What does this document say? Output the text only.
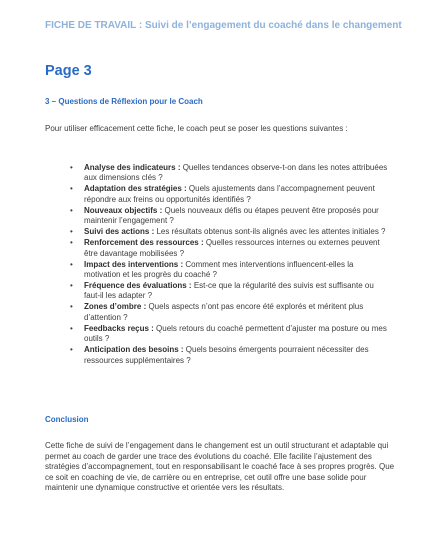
FICHE DE TRAVAIL : Suivi de l’engagement du coaché dans le changement
Page 3
3 – Questions de Réflexion pour le Coach
Pour utiliser efficacement cette fiche, le coach peut se poser les questions suivantes :
• Analyse des indicateurs : Quelles tendances observe-t-on dans les notes attribuées aux dimensions clés ?
• Adaptation des stratégies : Quels ajustements dans l’accompagnement peuvent répondre aux freins ou opportunités identifiés ?
• Nouveaux objectifs : Quels nouveaux défis ou étapes peuvent être proposés pour maintenir l’engagement ?
• Suivi des actions : Les résultats obtenus sont-ils alignés avec les attentes initiales ?
• Renforcement des ressources : Quelles ressources internes ou externes peuvent être davantage mobilisées ?
• Impact des interventions : Comment mes interventions influencent-elles la motivation et les progrès du coaché ?
• Fréquence des évaluations : Est-ce que la régularité des suivis est suffisante ou faut-il les adapter ?
• Zones d’ombre : Quels aspects n’ont pas encore été explorés et méritent plus d’attention ?
• Feedbacks reçus : Quels retours du coaché permettent d’ajuster ma posture ou mes outils ?
• Anticipation des besoins : Quels besoins émergents pourraient nécessiter des ressources supplémentaires ?
Conclusion
Cette fiche de suivi de l’engagement dans le changement est un outil structurant et adaptable qui permet au coach de garder une trace des évolutions du coaché. Elle facilite l’ajustement des stratégies d’accompagnement, tout en responsabilisant le coaché face à ses propres progrès. Que ce soit en coaching de vie, de carrière ou en entreprise, cet outil offre une base solide pour maintenir une dynamique constructive et orientée vers les résultats.
